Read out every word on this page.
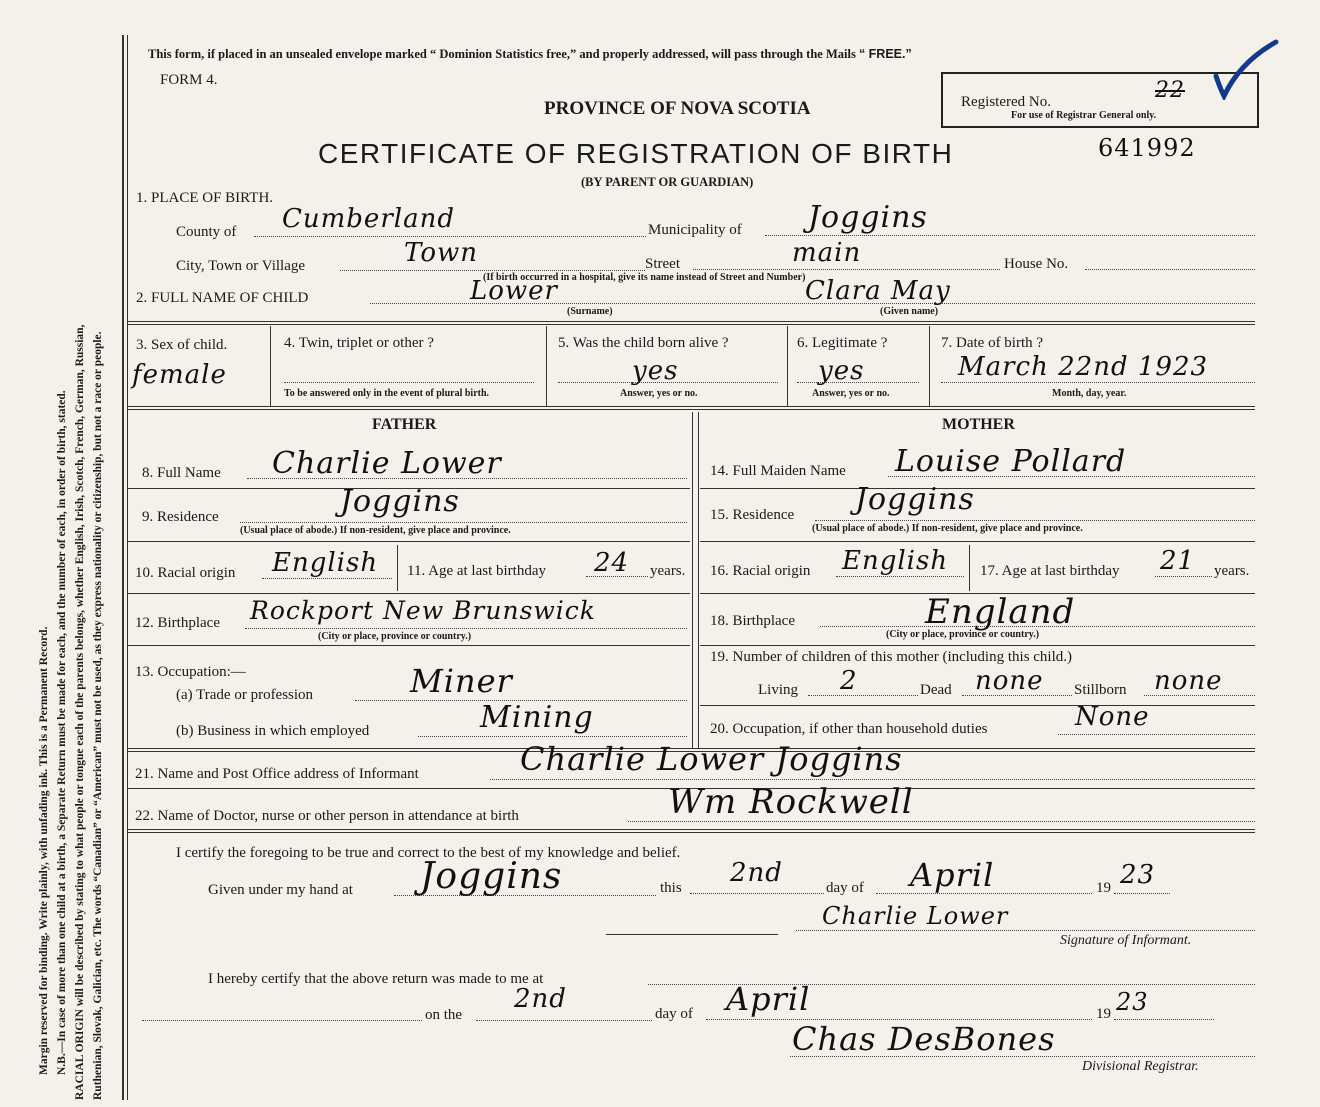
Ruthenian, Slovak, Galician, etc. The words “Canadian” or “American” must not be used, as they express nationality or citizenship, but not a race or people.
RACIAL ORIGIN will be described by stating to what people or tongue each of the parents belongs, whether English, Irish, Scotch, French, German, Russian,
N.B.—In case of more than one child at a birth, a Separate Return must be made for each, and the number of each, in order of birth, stated.
Margin reserved for binding. Write plainly, with unfading ink. This is a Permanent Record.
This form, if placed in an unsealed envelope marked “ Dominion Statistics free,” and properly addressed, will pass through the Mails “ FREE.”
FORM 4.
PROVINCE OF NOVA SCOTIA
CERTIFICATE OF REGISTRATION OF BIRTH
(BY PARENT OR GUARDIAN)
641992
Registered No.	22
For use of Registrar General only.
1. PLACE OF BIRTH.
County of Cumberland	Municipality of Joggins
City, Town or Village	Town	Street	main	House No.
(If birth occurred in a hospital, give its name instead of Street and Number)
2. FULL NAME OF CHILD	Lower	Clara May
(Surname)	(Given name)
3. Sex of child.
female
4. Twin, triplet or other ?
To be answered only in the event of plural birth.
5. Was the child born alive ?
yes
Answer, yes or no.
6. Legitimate ?
yes
Answer, yes or no.
7. Date of birth ?
March 22nd 1923
Month, day, year.
FATHER	MOTHER
8. Full Name Charlie Lower	14. Full Maiden Name Louise Pollard
9. Residence	Joggins
(Usual place of abode.) If non-resident, give place and province.
15. Residence Joggins
(Usual place of abode.) If non-resident, give place and province.
10. Racial origin English 11. Age at last birthday 24 years. 16. Racial origin English 17. Age at last birthday 21 years.
12. Birthplace Rockport New Brunswick
(City or place, province or country.)
18. Birthplace	England
(City or place, province or country.)
13. Occupation:—
(a) Trade or profession	Miner
(b) Business in which employed	Mining
19. Number of children of this mother (including this child.)
Living 2	Dead none Stillborn none
20. Occupation, if other than household duties	None
21. Name and Post Office address of Informant	Charlie Lower Joggins
22. Name of Doctor, nurse or other person in attendance at birth	Wm Rockwell
I certify the foregoing to be true and correct to the best of my knowledge and belief.
Given under my hand at Joggins	this 2nd	day of April	19 23
Charlie Lower
Signature of Informant.
I hereby certify that the above return was made to me at
on the
2nd	day of April	19 23
Chas DesBones
Divisional Registrar.
